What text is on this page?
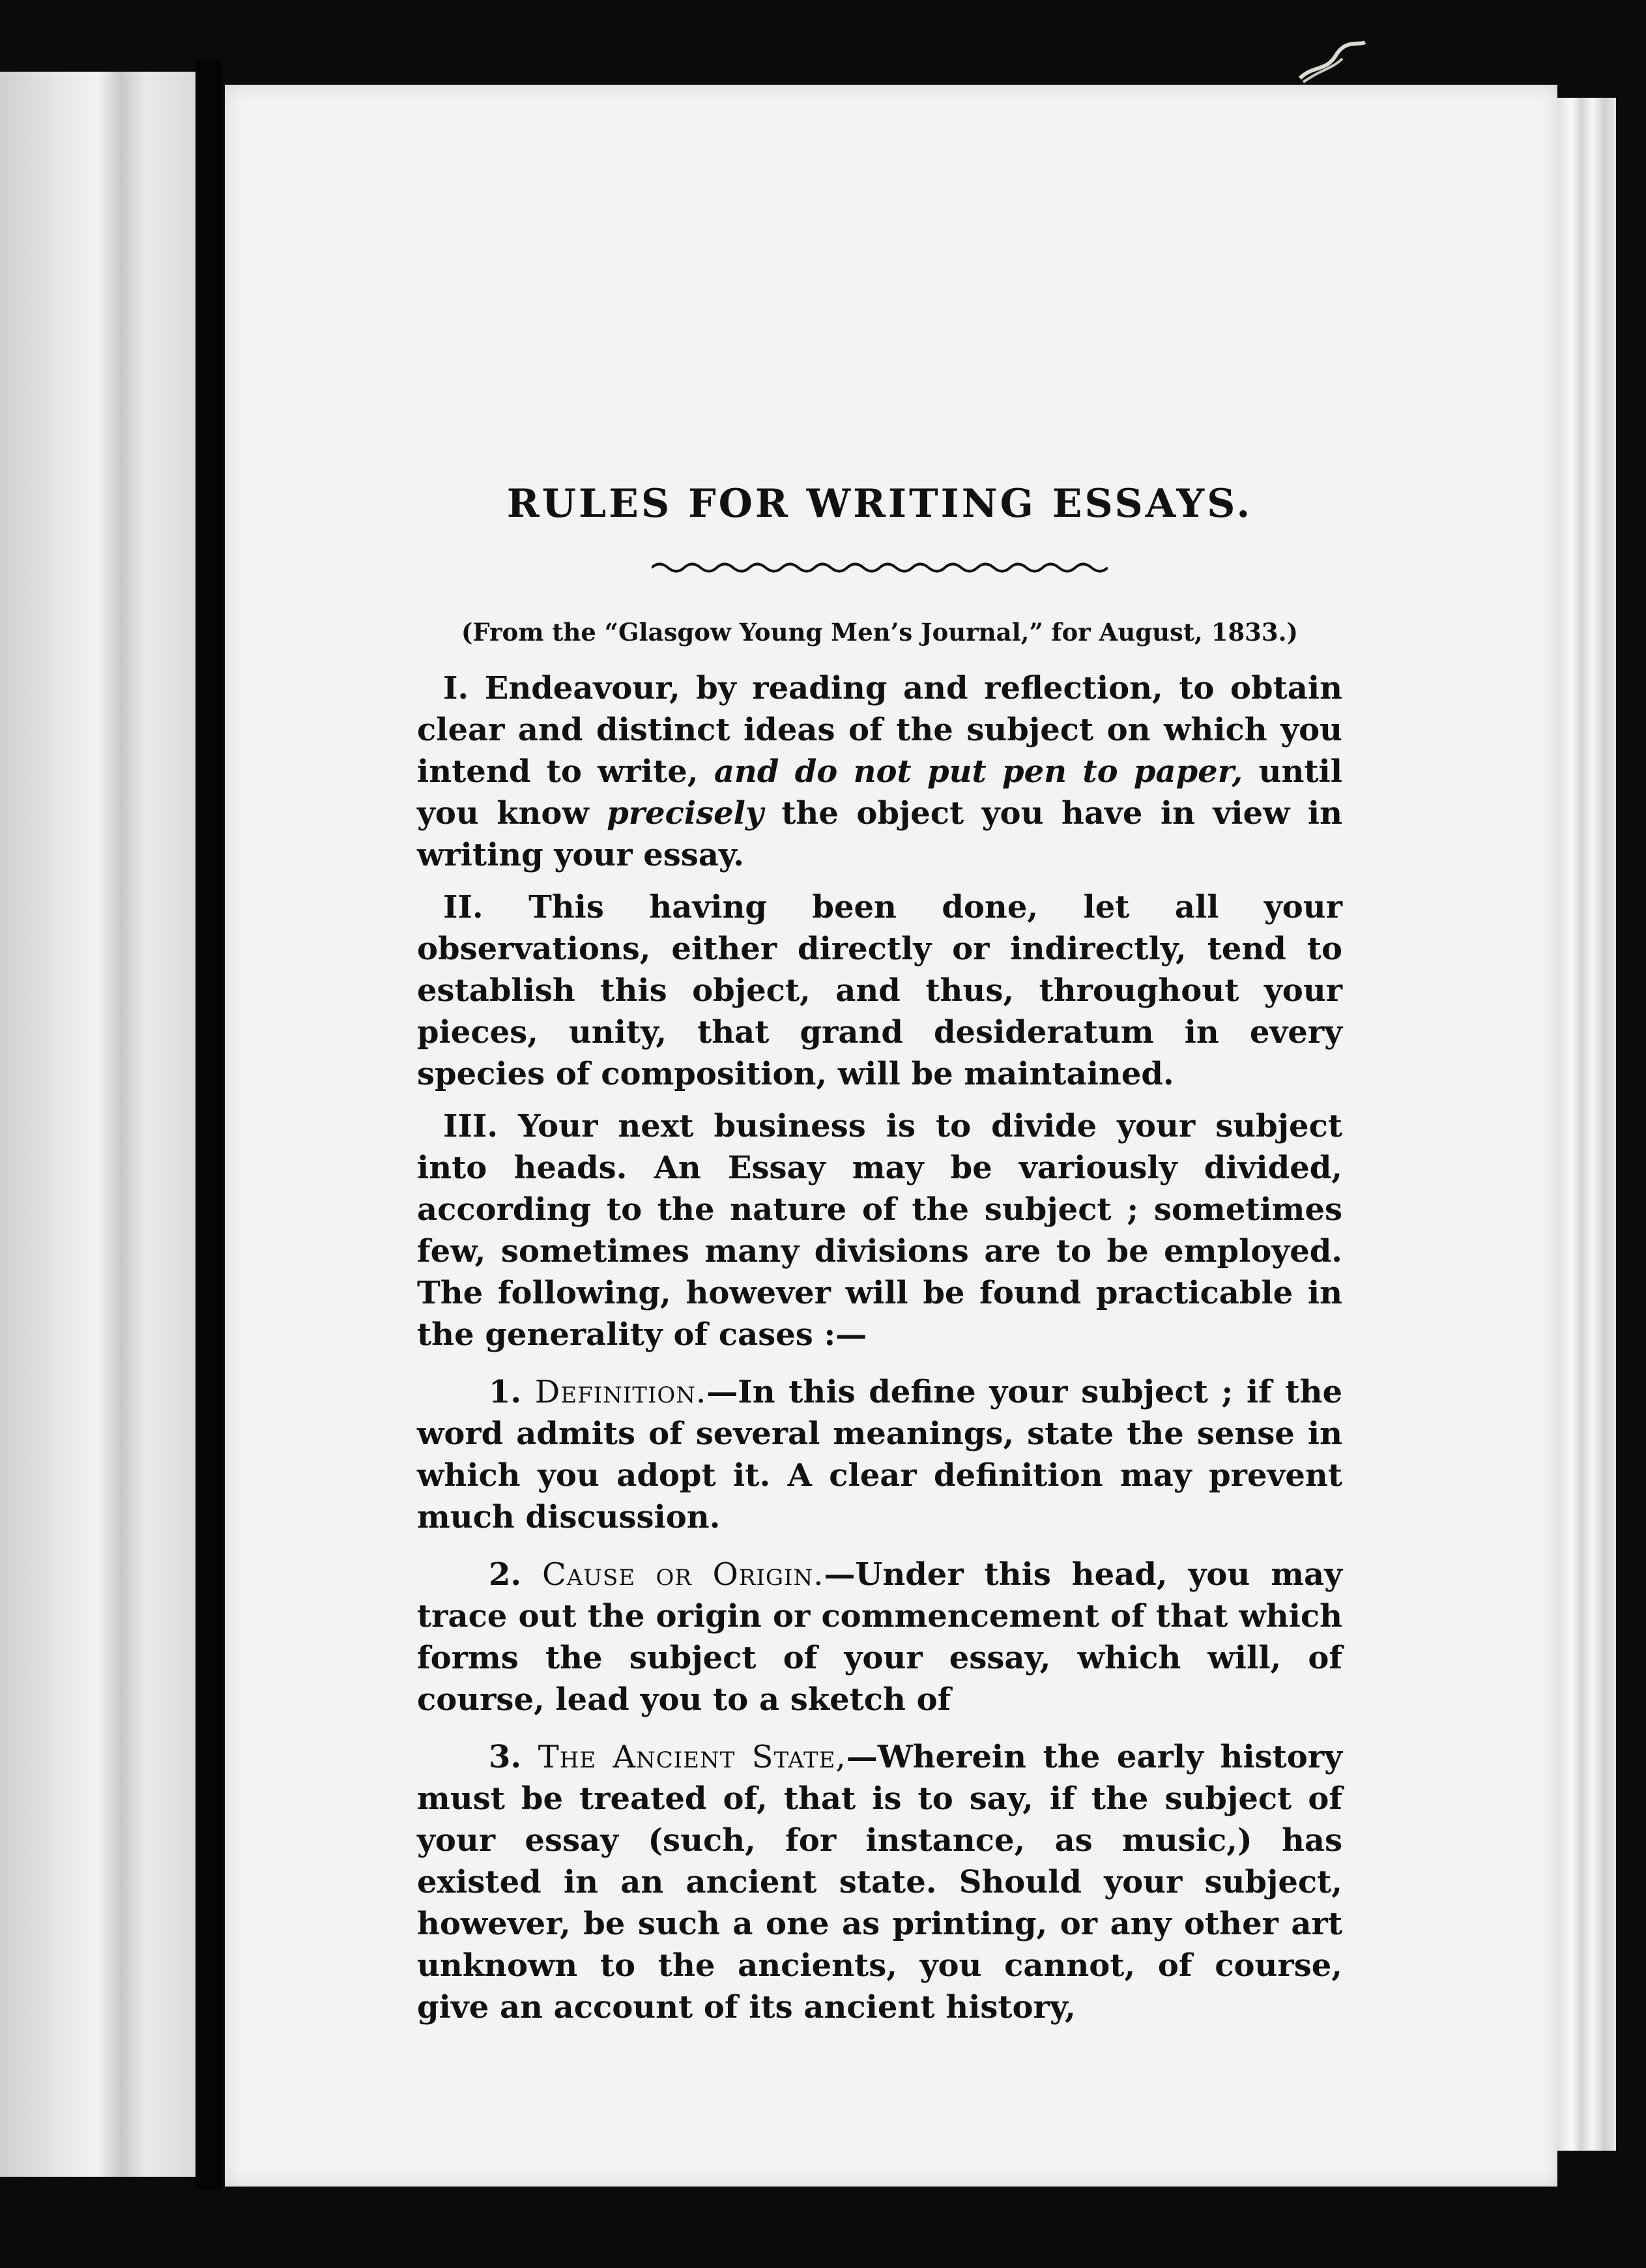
RULES FOR WRITING ESSAYS.

(From the “Glasgow Young Men’s Journal,” for August, 1833.)

I. Endeavour, by reading and reflection, to obtain clear and distinct ideas of the subject on which you intend to write, and do not put pen to paper, until you know precisely the object you have in view in writing your essay.

II. This having been done, let all your observations, either directly or indirectly, tend to establish this object, and thus, throughout your pieces, unity, that grand desideratum in every species of composition, will be maintained.

III. Your next business is to divide your subject into heads. An Essay may be variously divided, according to the nature of the subject ; sometimes few, sometimes many divisions are to be employed. The following, however will be found practicable in the generality of cases :—

1. Definition.—In this define your subject ; if the word admits of several meanings, state the sense in which you adopt it. A clear definition may prevent much discussion.

2. Cause or Origin.—Under this head, you may trace out the origin or commencement of that which forms the subject of your essay, which will, of course, lead you to a sketch of

3. The Ancient State,—Wherein the early history must be treated of, that is to say, if the subject of your essay (such, for instance, as music,) has existed in an ancient state. Should your subject, however, be such a one as printing, or any other art unknown to the ancients, you cannot, of course, give an account of its ancient history,
